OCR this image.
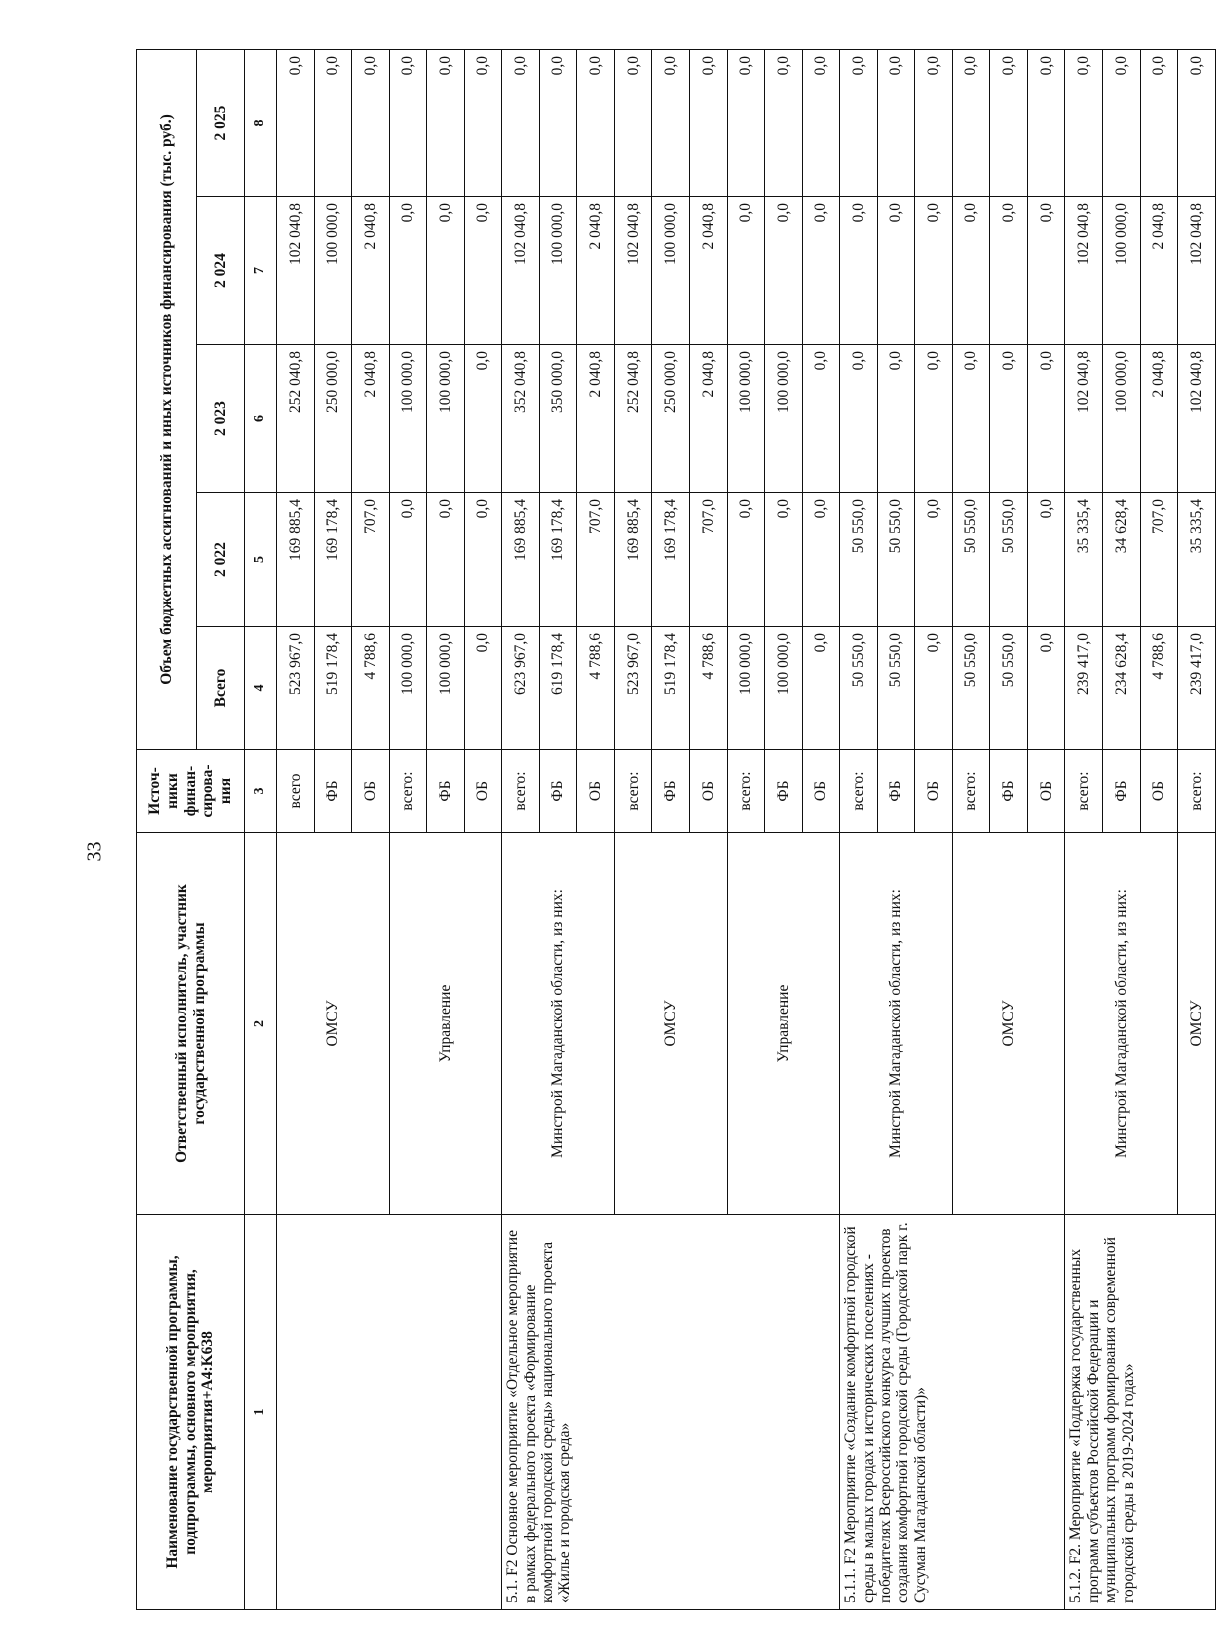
33
Наименование государственной программы, подпрограммы, основного мероприятия, мероприятия+A4:K638	Ответственный исполнитель, участник государственной программы	Источ-ники финан-сирова-ния	Объем бюджетных ассигнований и иных источников финансирования (тыс. руб.)				
			Всего	2 022	2 023	2 024	2 025
1	2	3	4	5	6	7	8
	ОМСУ	всего	523 967,0	169 885,4	252 040,8	102 040,8	0,0
		ФБ	519 178,4	169 178,4	250 000,0	100 000,0	0,0
		ОБ	4 788,6	707,0	2 040,8	2 040,8	0,0
	Управление	всего:	100 000,0	0,0	100 000,0	0,0	0,0
		ФБ	100 000,0	0,0	100 000,0	0,0	0,0
		ОБ	0,0	0,0	0,0	0,0	0,0
5.1. F2 Основное мероприятие «Отдельное мероприятие в рамках федерального проекта «Формирование комфортной городской среды» национального проекта «Жилье и городская среда»	Минстрой Магаданской области, из них:	всего:	623 967,0	169 885,4	352 040,8	102 040,8	0,0
		ФБ	619 178,4	169 178,4	350 000,0	100 000,0	0,0
		ОБ	4 788,6	707,0	2 040,8	2 040,8	0,0
	ОМСУ	всего:	523 967,0	169 885,4	252 040,8	102 040,8	0,0
		ФБ	519 178,4	169 178,4	250 000,0	100 000,0	0,0
		ОБ	4 788,6	707,0	2 040,8	2 040,8	0,0
	Управление	всего:	100 000,0	0,0	100 000,0	0,0	0,0
		ФБ	100 000,0	0,0	100 000,0	0,0	0,0
		ОБ	0,0	0,0	0,0	0,0	0,0
5.1.1. F2 Мероприятие «Создание комфортной городской среды в малых городах и исторических поселениях - победителях Всероссийского конкурса лучших проектов создания комфортной городской среды (Городской парк г. Сусуман Магаданской области)»	Минстрой Магаданской области, из них:	всего:	50 550,0	50 550,0	0,0	0,0	0,0
		ФБ	50 550,0	50 550,0	0,0	0,0	0,0
		ОБ	0,0	0,0	0,0	0,0	0,0
	ОМСУ	всего:	50 550,0	50 550,0	0,0	0,0	0,0
		ФБ	50 550,0	50 550,0	0,0	0,0	0,0
		ОБ	0,0	0,0	0,0	0,0	0,0
5.1.2. F2. Мероприятие «Поддержка государственных программ субъектов Российской Федерации и муниципальных программ формирования современной городской среды в 2019-2024 годах»	Минстрой Магаданской области, из них:	всего:	239 417,0	35 335,4	102 040,8	102 040,8	0,0
		ФБ	234 628,4	34 628,4	100 000,0	100 000,0	0,0
		ОБ	4 788,6	707,0	2 040,8	2 040,8	0,0
	ОМСУ	всего:	239 417,0	35 335,4	102 040,8	102 040,8	0,0
